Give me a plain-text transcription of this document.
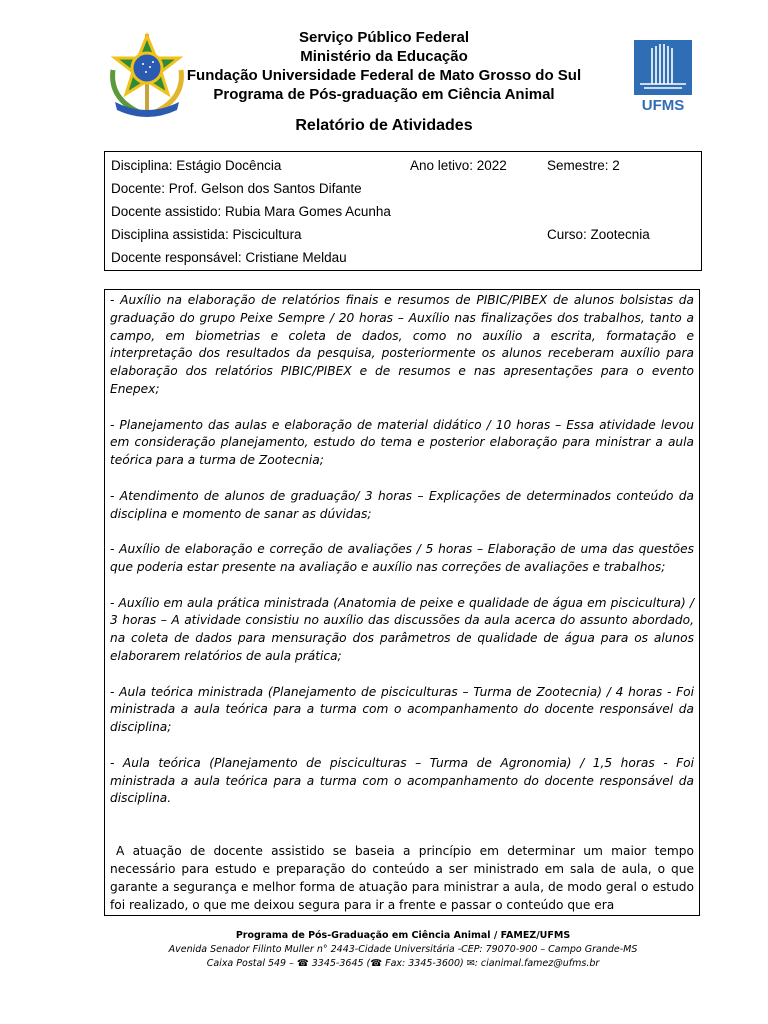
Serviço Público Federal
Ministério da Educação
Fundação Universidade Federal de Mato Grosso do Sul
Programa de Pós-graduação em Ciência Animal
UFMS
Relatório de Atividades
Disciplina: Estágio Docência	Ano letivo: 2022	Semestre: 2
Docente: Prof. Gelson dos Santos Difante
Docente assistido: Rubia Mara Gomes Acunha
Disciplina assistida: Piscicultura	Curso: Zootecnia
Docente responsável: Cristiane Meldau

- Auxílio na elaboração de relatórios finais e resumos de PIBIC/PIBEX de alunos bolsistas da graduação do grupo Peixe Sempre / 20 horas – Auxílio nas finalizações dos trabalhos, tanto a campo, em biometrias e coleta de dados, como no auxílio a escrita, formatação e interpretação dos resultados da pesquisa, posteriormente os alunos receberam auxílio para elaboração dos relatórios PIBIC/PIBEX e de resumos e nas apresentações para o evento Enepex;

- Planejamento das aulas e elaboração de material didático / 10 horas – Essa atividade levou em consideração planejamento, estudo do tema e posterior elaboração para ministrar a aula teórica para a turma de Zootecnia;

- Atendimento de alunos de graduação/ 3 horas – Explicações de determinados conteúdo da disciplina e momento de sanar as dúvidas;

- Auxílio de elaboração e correção de avaliações / 5 horas – Elaboração de uma das questões que poderia estar presente na avaliação e auxílio nas correções de avaliações e trabalhos;

- Auxílio em aula prática ministrada (Anatomia de peixe e qualidade de água em piscicultura) / 3 horas – A atividade consistiu no auxílio das discussões da aula acerca do assunto abordado, na coleta de dados para mensuração dos parâmetros de qualidade de água para os alunos elaborarem relatórios de aula prática;

- Aula teórica ministrada (Planejamento de pisciculturas – Turma de Zootecnia) / 4 horas - Foi ministrada a aula teórica para a turma com o acompanhamento do docente responsável da disciplina;

- Aula teórica (Planejamento de pisciculturas – Turma de Agronomia) / 1,5 horas - Foi ministrada a aula teórica para a turma com o acompanhamento do docente responsável da disciplina.

A atuação de docente assistido se baseia a princípio em determinar um maior tempo necessário para estudo e preparação do conteúdo a ser ministrado em sala de aula, o que garante a segurança e melhor forma de atuação para ministrar a aula, de modo geral o estudo foi realizado, o que me deixou segura para ir a frente e passar o conteúdo que era

Programa de Pós-Graduação em Ciência Animal / FAMEZ/UFMS
Avenida Senador Filinto Muller n° 2443-Cidade Universitária -CEP: 79070-900 – Campo Grande-MS
Caixa Postal 549 – ☎ 3345-3645 (☎ Fax: 3345-3600) ✉: cianimal.famez@ufms.br
